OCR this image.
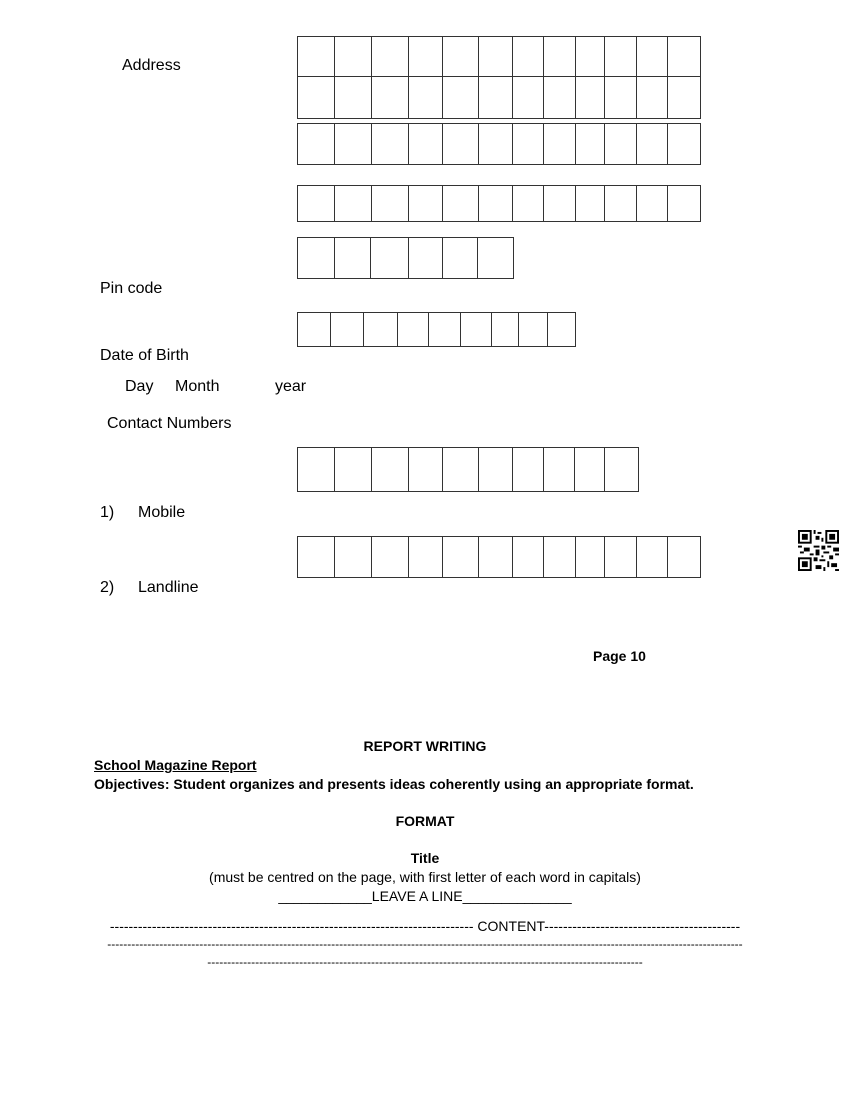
Address
Pin code
Date of Birth
Day Month	year
Contact Numbers
1) Mobile
2) Landline
Page 10
REPORT WRITING
School Magazine Report
Objectives: Student organizes and presents ideas coherently using an appropriate format.
FORMAT
Title
(must be centred on the page, with first letter of each word in capitals)
____________LEAVE A LINE______________
------------------------------------------------------------------------------ CONTENT------------------------------------------
---------------------------------------------------------------------------------------------------------------------------------------------------------------
-------------------------------------------------------------------------------------------------------------
